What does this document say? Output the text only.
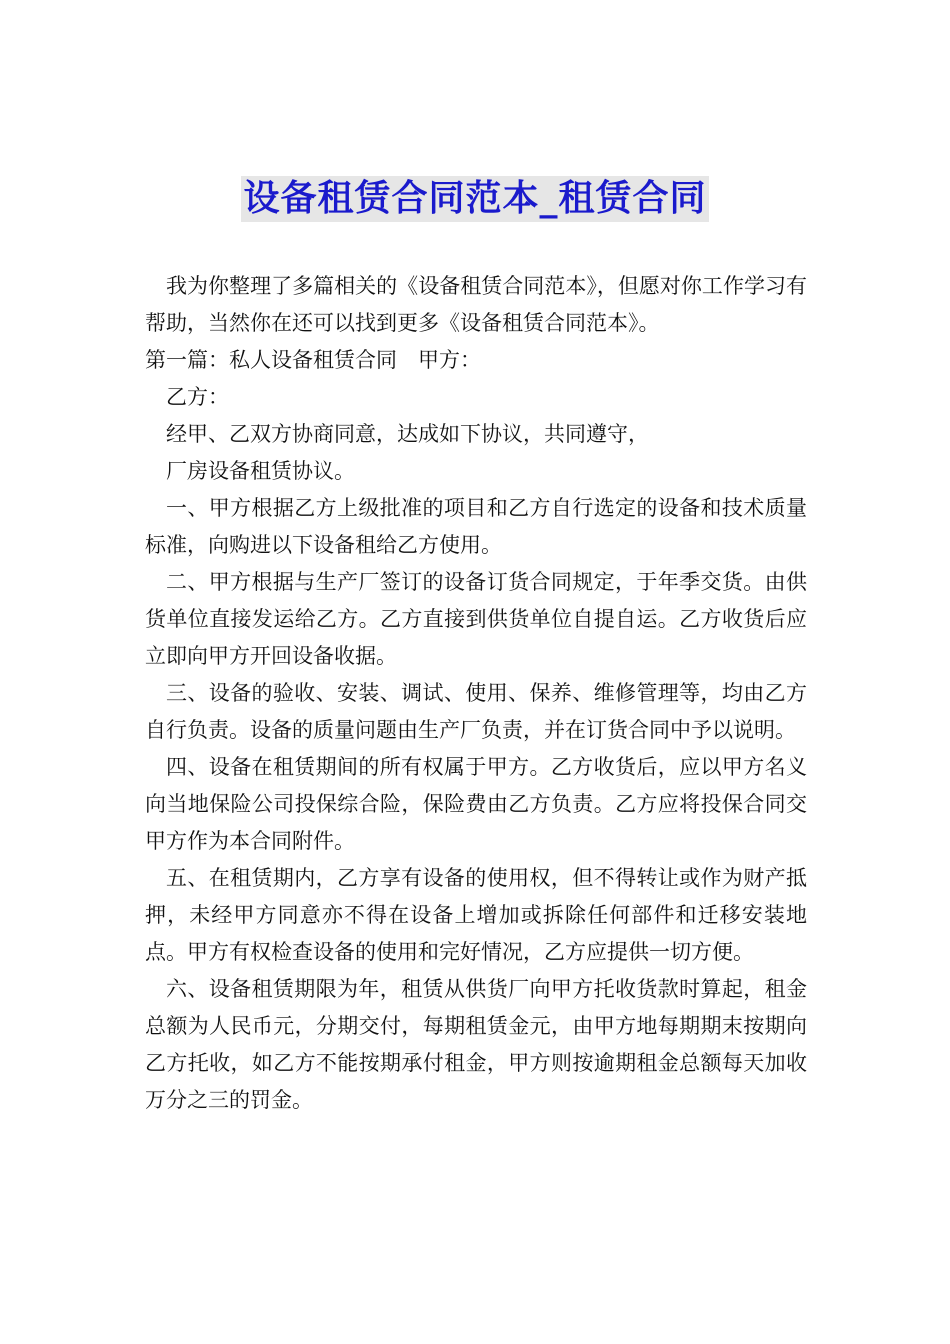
设备租赁合同范本_租赁合同

我为你整理了多篇相关的《设备租赁合同范本》，但愿对你工作学习有帮助，当然你在还可以找到更多《设备租赁合同范本》。

第一篇：私人设备租赁合同　甲方：

乙方：

经甲、乙双方协商同意，达成如下协议，共同遵守，

厂房设备租赁协议。

一、甲方根据乙方上级批准的项目和乙方自行选定的设备和技术质量标准，向购进以下设备租给乙方使用。

二、甲方根据与生产厂签订的设备订货合同规定，于年季交货。由供货单位直接发运给乙方。乙方直接到供货单位自提自运。乙方收货后应立即向甲方开回设备收据。

三、设备的验收、安装、调试、使用、保养、维修管理等，均由乙方自行负责。设备的质量问题由生产厂负责，并在订货合同中予以说明。

四、设备在租赁期间的所有权属于甲方。乙方收货后，应以甲方名义向当地保险公司投保综合险，保险费由乙方负责。乙方应将投保合同交甲方作为本合同附件。

五、在租赁期内，乙方享有设备的使用权，但不得转让或作为财产抵押，未经甲方同意亦不得在设备上增加或拆除任何部件和迁移安装地点。甲方有权检查设备的使用和完好情况，乙方应提供一切方便。

六、设备租赁期限为年，租赁从供货厂向甲方托收货款时算起，租金总额为人民币元，分期交付，每期租赁金元，由甲方地每期期末按期向乙方托收，如乙方不能按期承付租金，甲方则按逾期租金总额每天加收万分之三的罚金。
